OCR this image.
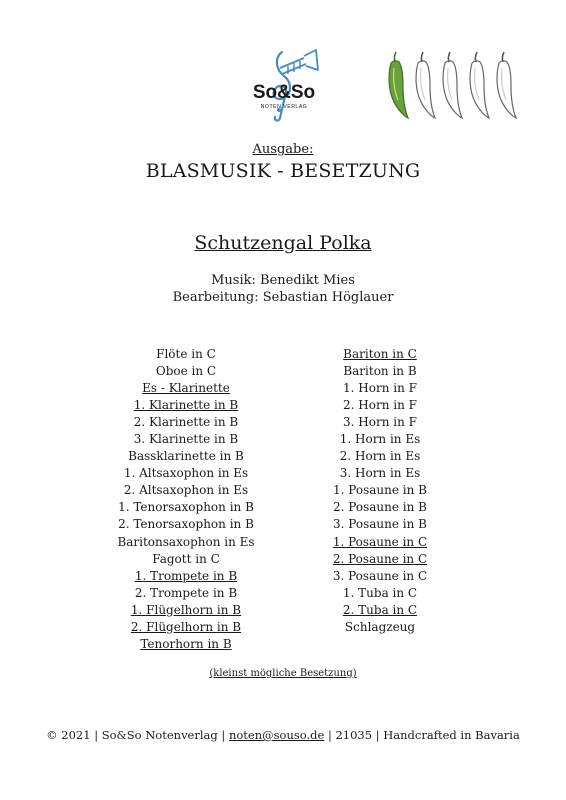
So&So
NOTEN VERLAG
Ausgabe:
BLASMUSIK - BESETZUNG
Schutzengal Polka
Musik: Benedikt Mies
Bearbeitung: Sebastian Höglauer
Flöte in C
Oboe in C
Es - Klarinette
1. Klarinette in B
2. Klarinette in B
3. Klarinette in B
Bassklarinette in B
1. Altsaxophon in Es
2. Altsaxophon in Es
1. Tenorsaxophon in B
2. Tenorsaxophon in B
Baritonsaxophon in Es
Fagott in C
1. Trompete in B
2. Trompete in B
1. Flügelhorn in B
2. Flügelhorn in B
Tenorhorn in B
Bariton in C
Bariton in B
1. Horn in F
2. Horn in F
3. Horn in F
1. Horn in Es
2. Horn in Es
3. Horn in Es
1. Posaune in B
2. Posaune in B
3. Posaune in B
1. Posaune in C
2. Posaune in C
3. Posaune in C
1. Tuba in C
2. Tuba in C
Schlagzeug
(kleinst mögliche Besetzung)
© 2021 | So&So Notenverlag | noten@souso.de | 21035 | Handcrafted in Bavaria
